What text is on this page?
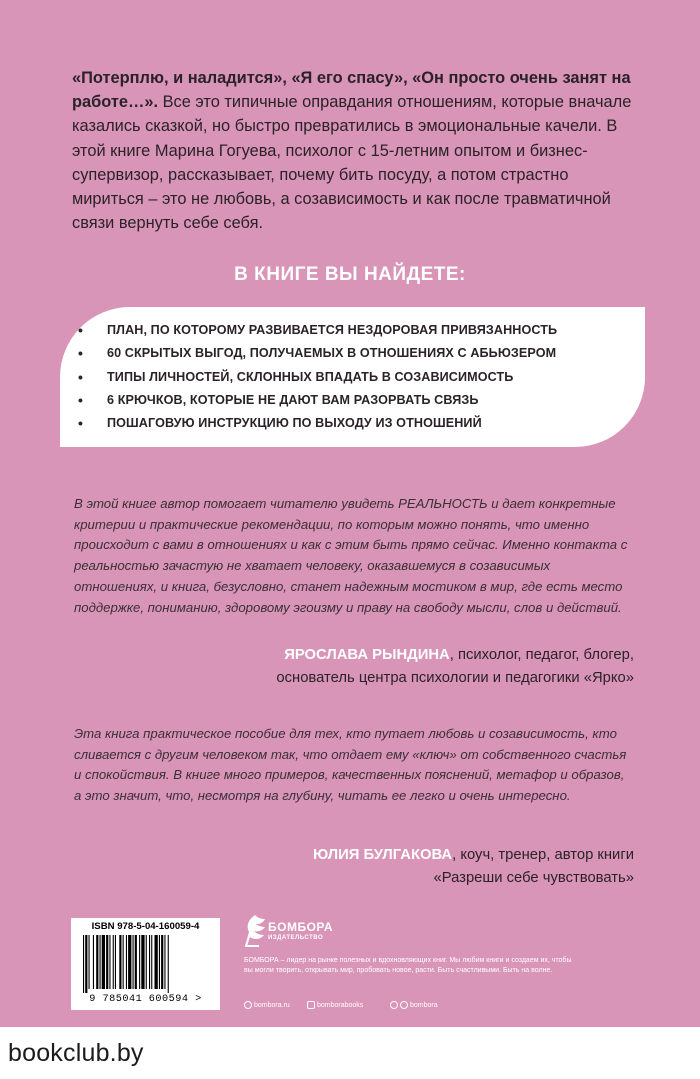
«Потерплю, и наладится», «Я его спасу», «Он просто очень занят на работе…». Все это типичные оправдания отношениям, которые вначале казались сказкой, но быстро превратились в эмоциональные качели. В этой книге Марина Гогуева, психолог с 15-летним опытом и бизнес-супервизор, рассказывает, почему бить посуду, а потом страстно мириться – это не любовь, а созависимость и как после травматичной связи вернуть себе себя.

В КНИГЕ ВЫ НАЙДЕТЕ:
• ПЛАН, ПО КОТОРОМУ РАЗВИВАЕТСЯ НЕЗДОРОВАЯ ПРИВЯЗАННОСТЬ
• 60 СКРЫТЫХ ВЫГОД, ПОЛУЧАЕМЫХ В ОТНОШЕНИЯХ С АБЬЮЗЕРОМ
• ТИПЫ ЛИЧНОСТЕЙ, СКЛОННЫХ ВПАДАТЬ В СОЗАВИСИМОСТЬ
• 6 КРЮЧКОВ, КОТОРЫЕ НЕ ДАЮТ ВАМ РАЗОРВАТЬ СВЯЗЬ
• ПОШАГОВУЮ ИНСТРУКЦИЮ ПО ВЫХОДУ ИЗ ОТНОШЕНИЙ

В этой книге автор помогает читателю увидеть РЕАЛЬНОСТЬ и дает конкретные критерии и практические рекомендации, по которым можно понять, что именно происходит с вами в отношениях и как с этим быть прямо сейчас. Именно контакта с реальностью зачастую не хватает человеку, оказавшемуся в созависимых отношениях, и книга, безусловно, станет надежным мостиком в мир, где есть место поддержке, пониманию, здоровому эгоизму и праву на свободу мысли, слов и действий.

ЯРОСЛАВА РЫНДИНА, психолог, педагог, блогер,
основатель центра психологии и педагогики «Ярко»

Эта книга практическое пособие для тех, кто путает любовь и созависимость, кто сливается с другим человеком так, что отдает ему «ключ» от собственного счастья и спокойствия. В книге много примеров, качественных пояснений, метафор и образов, а это значит, что, несмотря на глубину, читать ее легко и очень интересно.

ЮЛИЯ БУЛГАКОВА, коуч, тренер, автор книги
«Разреши себе чувствовать»
ISBN 978-5-04-160059-4
9 785041 600594 >
БОМБОРА
ИЗДАТЕЛЬСТВО

БОМБОРА – лидер на рынке полезных и вдохновляющих книг. Мы любим книги и создаем их, чтобы вы могли творить, открывать мир, пробовать новое, расти. Быть счастливыми. Быть на волне.

bombora.ru	bomborabooks	bombora
bookclub.by
